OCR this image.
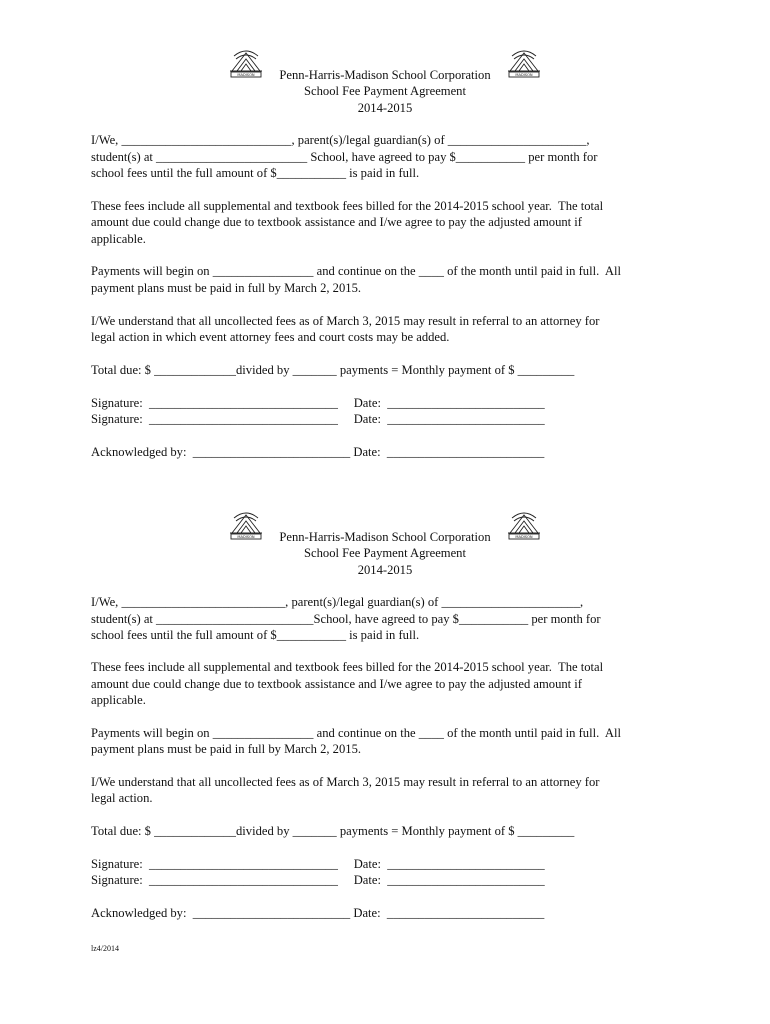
MADISON	MADISON
Penn-Harris-Madison School Corporation
School Fee Payment Agreement
2014-2015
I/We, ___________________________, parent(s)/legal guardian(s) of ______________________,
student(s) at ________________________ School, have agreed to pay $___________ per month for
school fees until the full amount of $___________ is paid in full.
These fees include all supplemental and textbook fees billed for the 2014-2015 school year.  The total
amount due could change due to textbook assistance and I/we agree to pay the adjusted amount if
applicable.
Payments will begin on ________________ and continue on the ____ of the month until paid in full.  All
payment plans must be paid in full by March 2, 2015.
I/We understand that all uncollected fees as of March 3, 2015 may result in referral to an attorney for
legal action in which event attorney fees and court costs may be added.
Total due: $ _____________divided by _______ payments = Monthly payment of $ _________
Signature:  ______________________________     Date:  _________________________
Signature:  ______________________________     Date:  _________________________
Acknowledged by:  _________________________ Date:  _________________________
MADISON	MADISON
Penn-Harris-Madison School Corporation
School Fee Payment Agreement
2014-2015
I/We, __________________________, parent(s)/legal guardian(s) of ______________________,
student(s) at _________________________School, have agreed to pay $___________ per month for
school fees until the full amount of $___________ is paid in full.
These fees include all supplemental and textbook fees billed for the 2014-2015 school year.  The total
amount due could change due to textbook assistance and I/we agree to pay the adjusted amount if
applicable.
Payments will begin on ________________ and continue on the ____ of the month until paid in full.  All
payment plans must be paid in full by March 2, 2015.
I/We understand that all uncollected fees as of March 3, 2015 may result in referral to an attorney for
legal action.
Total due: $ _____________divided by _______ payments = Monthly payment of $ _________
Signature:  ______________________________     Date:  _________________________
Signature:  ______________________________     Date:  _________________________
Acknowledged by:  _________________________ Date:  _________________________
lz4/2014
